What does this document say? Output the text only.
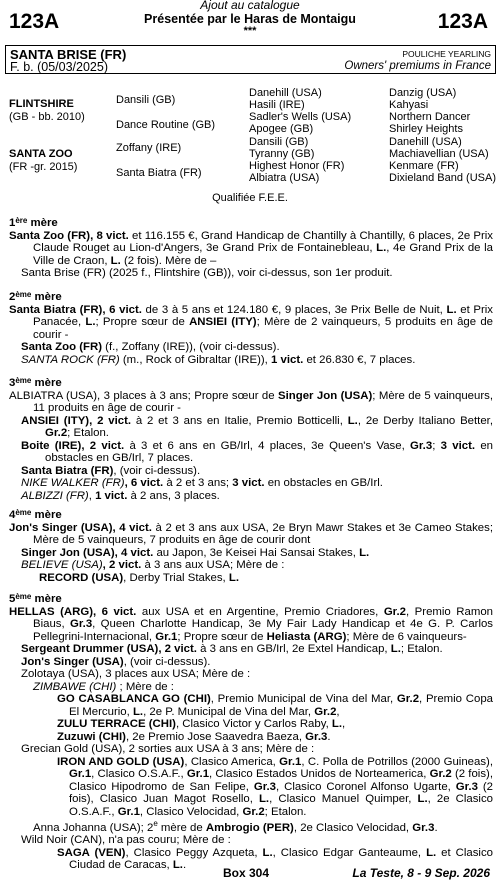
123A	123A
Ajout au catalogue
Présentée par le Haras de Montaigu
***
SANTA BRISE (FR)
F. b. (05/03/2025)
POULICHE YEARLING
Owners' premiums in France
FLINTSHIRE
(GB - bb. 2010)
SANTA ZOO
(FR -gr. 2015)
Dansili (GB)
Dance Routine (GB)
Zoffany (IRE)
Santa Biatra (FR)
Danehill (USA)
Hasili (IRE)
Sadler's Wells (USA)
Apogee (GB)
Dansili (GB)
Tyranny (GB)
Highest Honor (FR)
Albiatra (USA)
Danzig (USA)
Kahyasi
Northern Dancer
Shirley Heights
Danehill (USA)
Machiavellian (USA)
Kenmare (FR)
Dixieland Band (USA)
Qualifiée F.E.E.

1ère mère

Santa Zoo (FR), 8 vict. et 116.155 €, Grand Handicap de Chantilly à Chantilly, 6 places, 2e Prix Claude Rouget au Lion-d'Angers, 3e Grand Prix de Fontainebleau, L., 4e Grand Prix de la Ville de Craon, L. (2 fois). Mère de –

Santa Brise (FR) (2025 f., Flintshire (GB)), voir ci-dessus, son 1er produit.

2ème mère

Santa Biatra (FR), 6 vict. de 3 à 5 ans et 124.180 €, 9 places, 3e Prix Belle de Nuit, L. et Prix Panacée, L.; Propre sœur de ANSIEI (ITY); Mère de 2 vainqueurs, 5 produits en âge de courir -

Santa Zoo (FR) (f., Zoffany (IRE)), (voir ci-dessus).

SANTA ROCK (FR) (m., Rock of Gibraltar (IRE)), 1 vict. et 26.830 €, 7 places.

3ème mère

ALBIATRA (USA), 3 places à 3 ans; Propre sœur de Singer Jon (USA); Mère de 5 vainqueurs, 11 produits en âge de courir -

ANSIEI (ITY), 2 vict. à 2 et 3 ans en Italie, Premio Botticelli, L., 2e Derby Italiano Better, Gr.2; Etalon.

Boite (IRE), 2 vict. à 3 et 6 ans en GB/Irl, 4 places, 3e Queen's Vase, Gr.3; 3 vict. en obstacles en GB/Irl, 7 places.

Santa Biatra (FR), (voir ci-dessus).

NIKE WALKER (FR), 6 vict. à 2 et 3 ans; 3 vict. en obstacles en GB/Irl.

ALBIZZI (FR), 1 vict. à 2 ans, 3 places.

4ème mère

Jon's Singer (USA), 4 vict. à 2 et 3 ans aux USA, 2e Bryn Mawr Stakes et 3e Cameo Stakes; Mère de 5 vainqueurs, 7 produits en âge de courir dont

Singer Jon (USA), 4 vict. au Japon, 3e Keisei Hai Sansai Stakes, L.

BELIEVE (USA), 2 vict. à 3 ans aux USA; Mère de :

RECORD (USA), Derby Trial Stakes, L.

5ème mère

HELLAS (ARG), 6 vict. aux USA et en Argentine, Premio Criadores, Gr.2, Premio Ramon Biaus, Gr.3, Queen Charlotte Handicap, 3e My Fair Lady Handicap et 4e G. P. Carlos Pellegrini-Internacional, Gr.1; Propre sœur de Heliasta (ARG); Mère de 6 vainqueurs-

Sergeant Drummer (USA), 2 vict. à 3 ans en GB/Irl, 2e Extel Handicap, L.; Etalon.

Jon's Singer (USA), (voir ci-dessus).

Zolotaya (USA), 3 places aux USA; Mère de :

ZIMBAWE (CHI) ; Mère de :

GO CASABLANCA GO (CHI), Premio Municipal de Vina del Mar, Gr.2, Premio Copa El Mercurio, L., 2e P. Municipal de Vina del Mar, Gr.2,

ZULU TERRACE (CHI), Clasico Victor y Carlos Raby, L.,

Zuzuwi (CHI), 2e Premio Jose Saavedra Baeza, Gr.3.

Grecian Gold (USA), 2 sorties aux USA à 3 ans; Mère de :

IRON AND GOLD (USA), Clasico America, Gr.1, C. Polla de Potrillos (2000 Guineas), Gr.1, Clasico O.S.A.F., Gr.1, Clasico Estados Unidos de Norteamerica, Gr.2 (2 fois), Clasico Hipodromo de San Felipe, Gr.3, Clasico Coronel Alfonso Ugarte, Gr.3 (2 fois), Clasico Juan Magot Rosello, L., Clasico Manuel Quimper, L., 2e Clasico O.S.A.F., Gr.1, Clasico Velocidad, Gr.2; Etalon.

Anna Johanna (USA); 2e mère de Ambrogio (PER), 2e Clasico Velocidad, Gr.3.

Wild Noir (CAN), n'a pas couru; Mère de :

SAGA (VEN), Clasico Peggy Azqueta, L., Clasico Edgar Ganteaume, L. et Clasico Ciudad de Caracas, L..

Box 304	La Teste, 8 - 9 Sep. 2026
